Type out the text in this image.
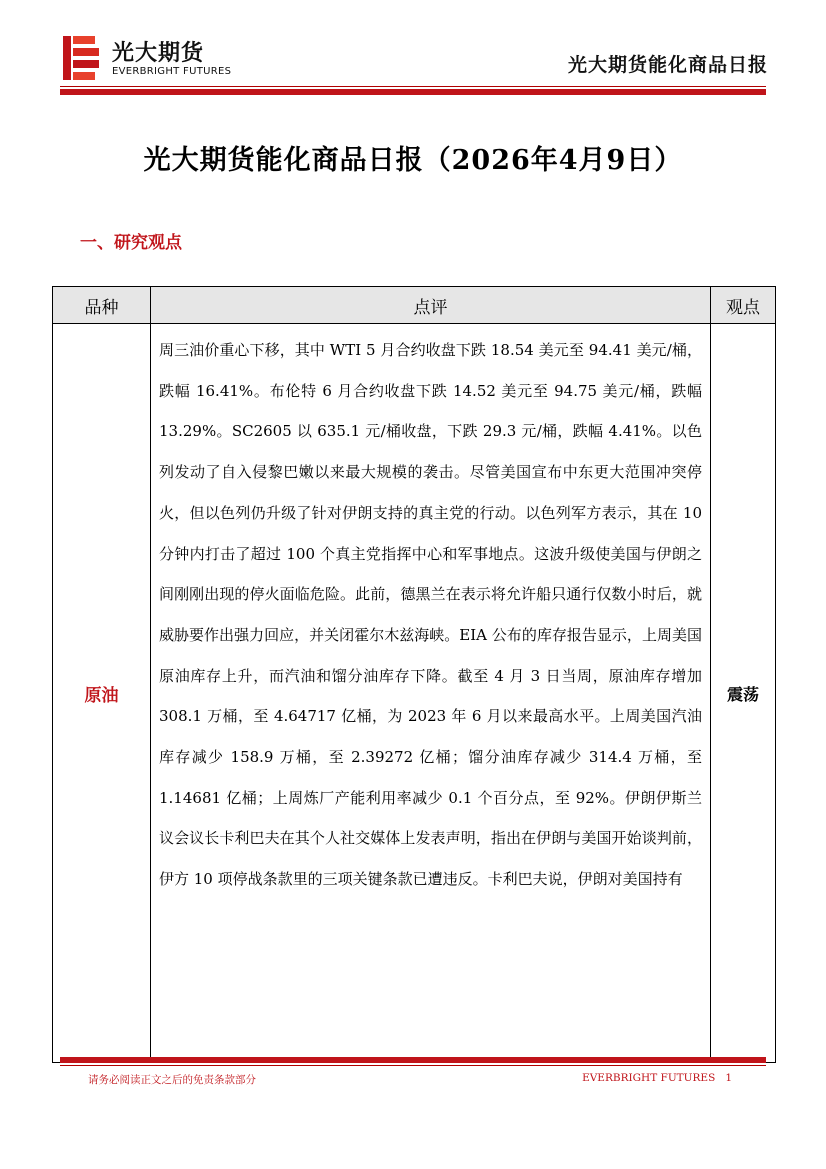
光大期货
EVERBRIGHT FUTURES	光大期货能化商品日报
光大期货能化商品日报（2026年4月9日）
一、研究观点
品种	点评	观点
原油	周三油价重心下移，其中 WTI 5 月合约收盘下跌 18.54 美元至 94.41 美元/桶，跌幅 16.41%。布伦特 6 月合约收盘下跌 14.52 美元至 94.75 美元/桶，跌幅 13.29%。SC2605 以 635.1 元/桶收盘，下跌 29.3 元/桶，跌幅 4.41%。以色列发动了自入侵黎巴嫩以来最大规模的袭击。尽管美国宣布中东更大范围冲突停火，但以色列仍升级了针对伊朗支持的真主党的行动。以色列军方表示，其在 10 分钟内打击了超过 100 个真主党指挥中心和军事地点。这波升级使美国与伊朗之间刚刚出现的停火面临危险。此前，德黑兰在表示将允许船只通行仅数小时后，就威胁要作出强力回应，并关闭霍尔木兹海峡。EIA 公布的库存报告显示，上周美国原油库存上升，而汽油和馏分油库存下降。截至 4 月 3 日当周，原油库存增加 308.1 万桶，至 4.64717 亿桶，为 2023 年 6 月以来最高水平。上周美国汽油库存减少 158.9 万桶，至 2.39272 亿桶；馏分油库存减少 314.4 万桶，至 1.14681 亿桶；上周炼厂产能利用率减少 0.1 个百分点，至 92%。伊朗伊斯兰议会议长卡利巴夫在其个人社交媒体上发表声明，指出在伊朗与美国开始谈判前，伊方 10 项停战条款里的三项关键条款已遭违反。卡利巴夫说，伊朗对美国持有	震荡
请务必阅读正文之后的免责条款部分	EVERBRIGHT FUTURES 1
